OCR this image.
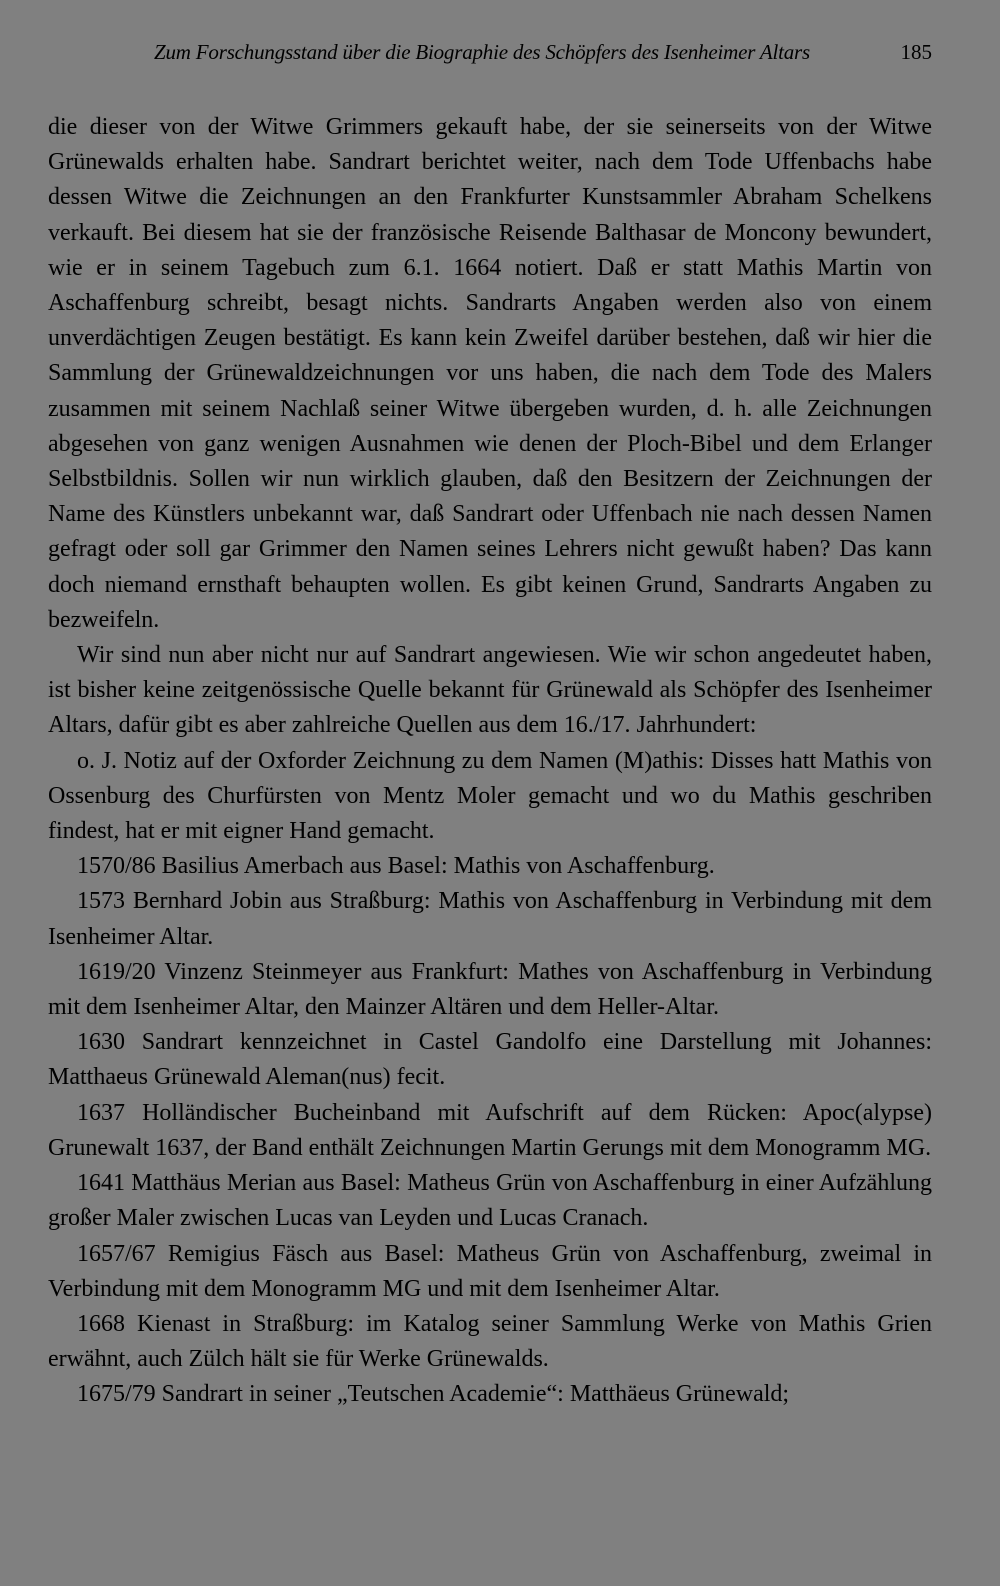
Zum Forschungsstand über die Biographie des Schöpfers des Isenheimer Altars	185

die dieser von der Witwe Grimmers gekauft habe, der sie seinerseits von der Witwe Grünewalds erhalten habe. Sandrart berichtet weiter, nach dem Tode Uffenbachs habe dessen Witwe die Zeichnungen an den Frankfurter Kunstsammler Abraham Schelkens verkauft. Bei diesem hat sie der französische Reisende Balthasar de Moncony bewundert, wie er in seinem Tagebuch zum 6.1. 1664 notiert. Daß er statt Mathis Martin von Aschaffenburg schreibt, besagt nichts. Sandrarts Angaben werden also von einem unverdächtigen Zeugen bestätigt. Es kann kein Zweifel darüber bestehen, daß wir hier die Sammlung der Grünewaldzeichnungen vor uns haben, die nach dem Tode des Malers zusammen mit seinem Nachlaß seiner Witwe übergeben wurden, d. h. alle Zeichnungen abgesehen von ganz wenigen Ausnahmen wie denen der Ploch-Bibel und dem Erlanger Selbstbildnis. Sollen wir nun wirklich glauben, daß den Besitzern der Zeichnungen der Name des Künstlers unbekannt war, daß Sandrart oder Uffenbach nie nach dessen Namen gefragt oder soll gar Grimmer den Namen seines Lehrers nicht gewußt haben? Das kann doch niemand ernsthaft behaupten wollen. Es gibt keinen Grund, Sandrarts Angaben zu bezweifeln.

Wir sind nun aber nicht nur auf Sandrart angewiesen. Wie wir schon angedeutet haben, ist bisher keine zeitgenössische Quelle bekannt für Grünewald als Schöpfer des Isenheimer Altars, dafür gibt es aber zahlreiche Quellen aus dem 16./17. Jahrhundert:

o. J. Notiz auf der Oxforder Zeichnung zu dem Namen (M)athis: Disses hatt Mathis von Ossenburg des Churfürsten von Mentz Moler gemacht und wo du Mathis geschriben findest, hat er mit eigner Hand gemacht.

1570/86 Basilius Amerbach aus Basel: Mathis von Aschaffenburg.

1573 Bernhard Jobin aus Straßburg: Mathis von Aschaffenburg in Verbindung mit dem Isenheimer Altar.

1619/20 Vinzenz Steinmeyer aus Frankfurt: Mathes von Aschaffenburg in Verbindung mit dem Isenheimer Altar, den Mainzer Altären und dem Heller-Altar.

1630 Sandrart kennzeichnet in Castel Gandolfo eine Darstellung mit Johannes: Matthaeus Grünewald Aleman(nus) fecit.

1637 Holländischer Bucheinband mit Aufschrift auf dem Rücken: Apoc(alypse) Grunewalt 1637, der Band enthält Zeichnungen Martin Gerungs mit dem Monogramm MG.

1641 Matthäus Merian aus Basel: Matheus Grün von Aschaffenburg in einer Aufzählung großer Maler zwischen Lucas van Leyden und Lucas Cranach.

1657/67 Remigius Fäsch aus Basel: Matheus Grün von Aschaffenburg, zweimal in Verbindung mit dem Monogramm MG und mit dem Isenheimer Altar.

1668 Kienast in Straßburg: im Katalog seiner Sammlung Werke von Mathis Grien erwähnt, auch Zülch hält sie für Werke Grünewalds.

1675/79 Sandrart in seiner „Teutschen Academie“: Matthäeus Grünewald;
